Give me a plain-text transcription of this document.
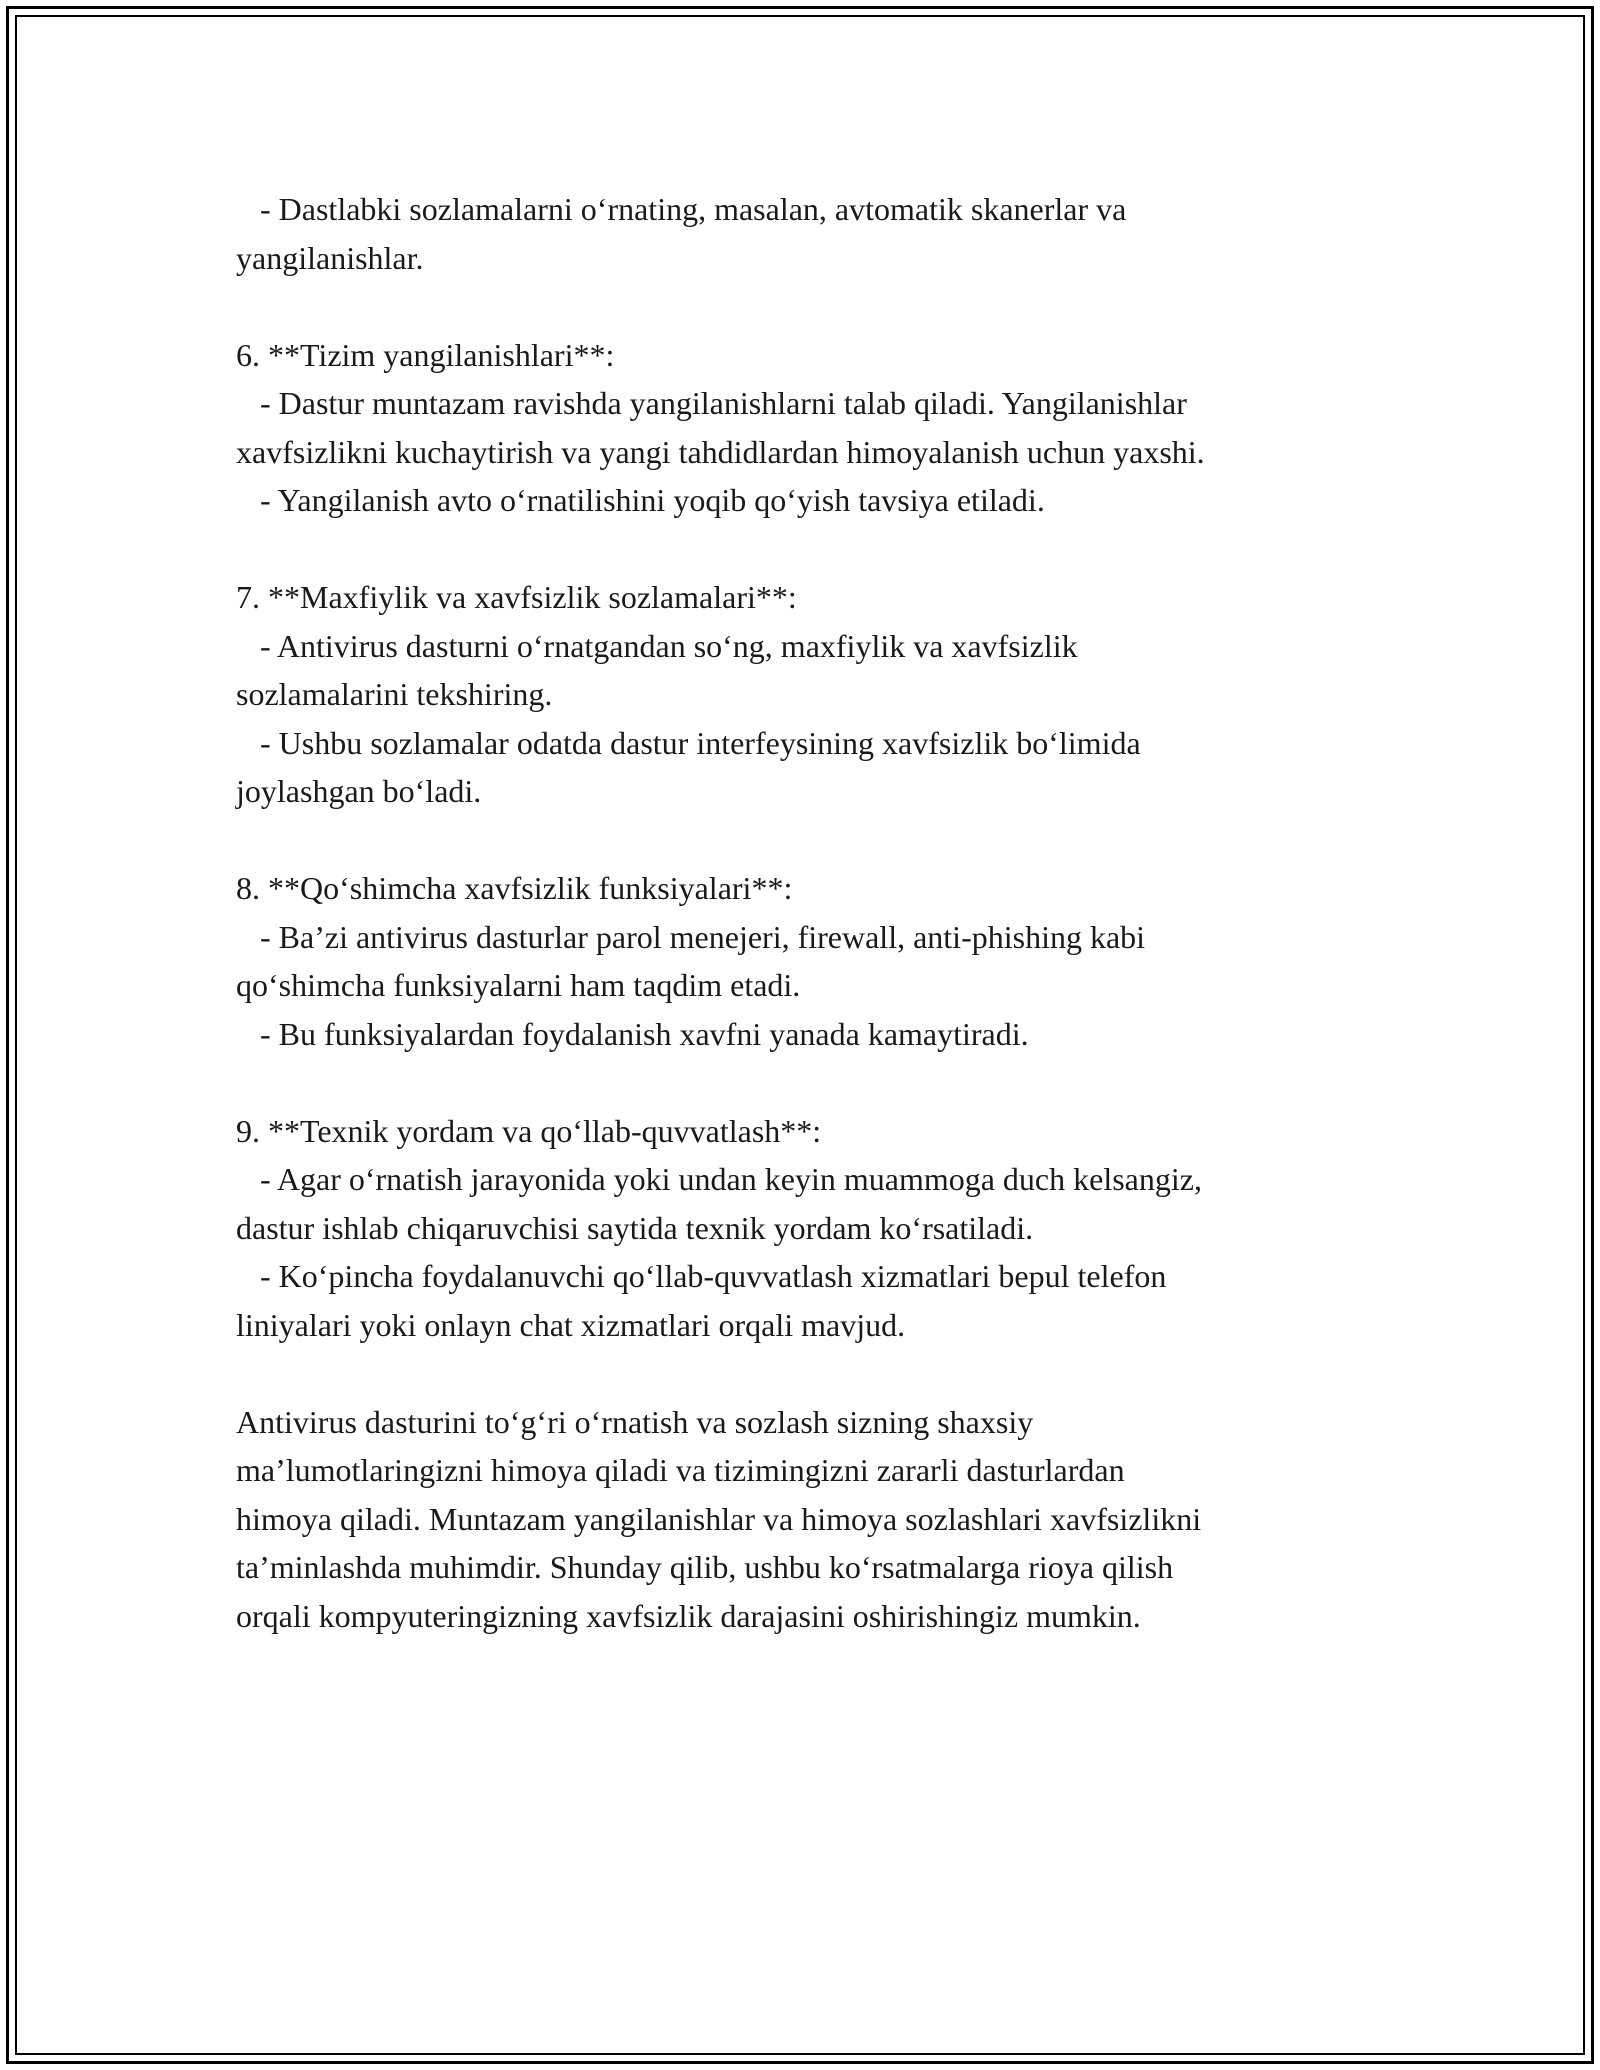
- Dastlabki sozlamalarni o‘rnating, masalan, avtomatik skanerlar va
yangilanishlar.
6. **Tizim yangilanishlari**:
- Dastur muntazam ravishda yangilanishlarni talab qiladi. Yangilanishlar
xavfsizlikni kuchaytirish va yangi tahdidlardan himoyalanish uchun yaxshi.
- Yangilanish avto o‘rnatilishini yoqib qo‘yish tavsiya etiladi.
7. **Maxfiylik va xavfsizlik sozlamalari**:
- Antivirus dasturni o‘rnatgandan so‘ng, maxfiylik va xavfsizlik
sozlamalarini tekshiring.
- Ushbu sozlamalar odatda dastur interfeysining xavfsizlik bo‘limida
joylashgan bo‘ladi.
8. **Qo‘shimcha xavfsizlik funksiyalari**:
- Ba’zi antivirus dasturlar parol menejeri, firewall, anti-phishing kabi
qo‘shimcha funksiyalarni ham taqdim etadi.
- Bu funksiyalardan foydalanish xavfni yanada kamaytiradi.
9. **Texnik yordam va qo‘llab-quvvatlash**:
- Agar o‘rnatish jarayonida yoki undan keyin muammoga duch kelsangiz,
dastur ishlab chiqaruvchisi saytida texnik yordam ko‘rsatiladi.
- Ko‘pincha foydalanuvchi qo‘llab-quvvatlash xizmatlari bepul telefon
liniyalari yoki onlayn chat xizmatlari orqali mavjud.
Antivirus dasturini to‘g‘ri o‘rnatish va sozlash sizning shaxsiy
ma’lumotlaringizni himoya qiladi va tizimingizni zararli dasturlardan
himoya qiladi. Muntazam yangilanishlar va himoya sozlashlari xavfsizlikni
ta’minlashda muhimdir. Shunday qilib, ushbu ko‘rsatmalarga rioya qilish
orqali kompyuteringizning xavfsizlik darajasini oshirishingiz mumkin.
